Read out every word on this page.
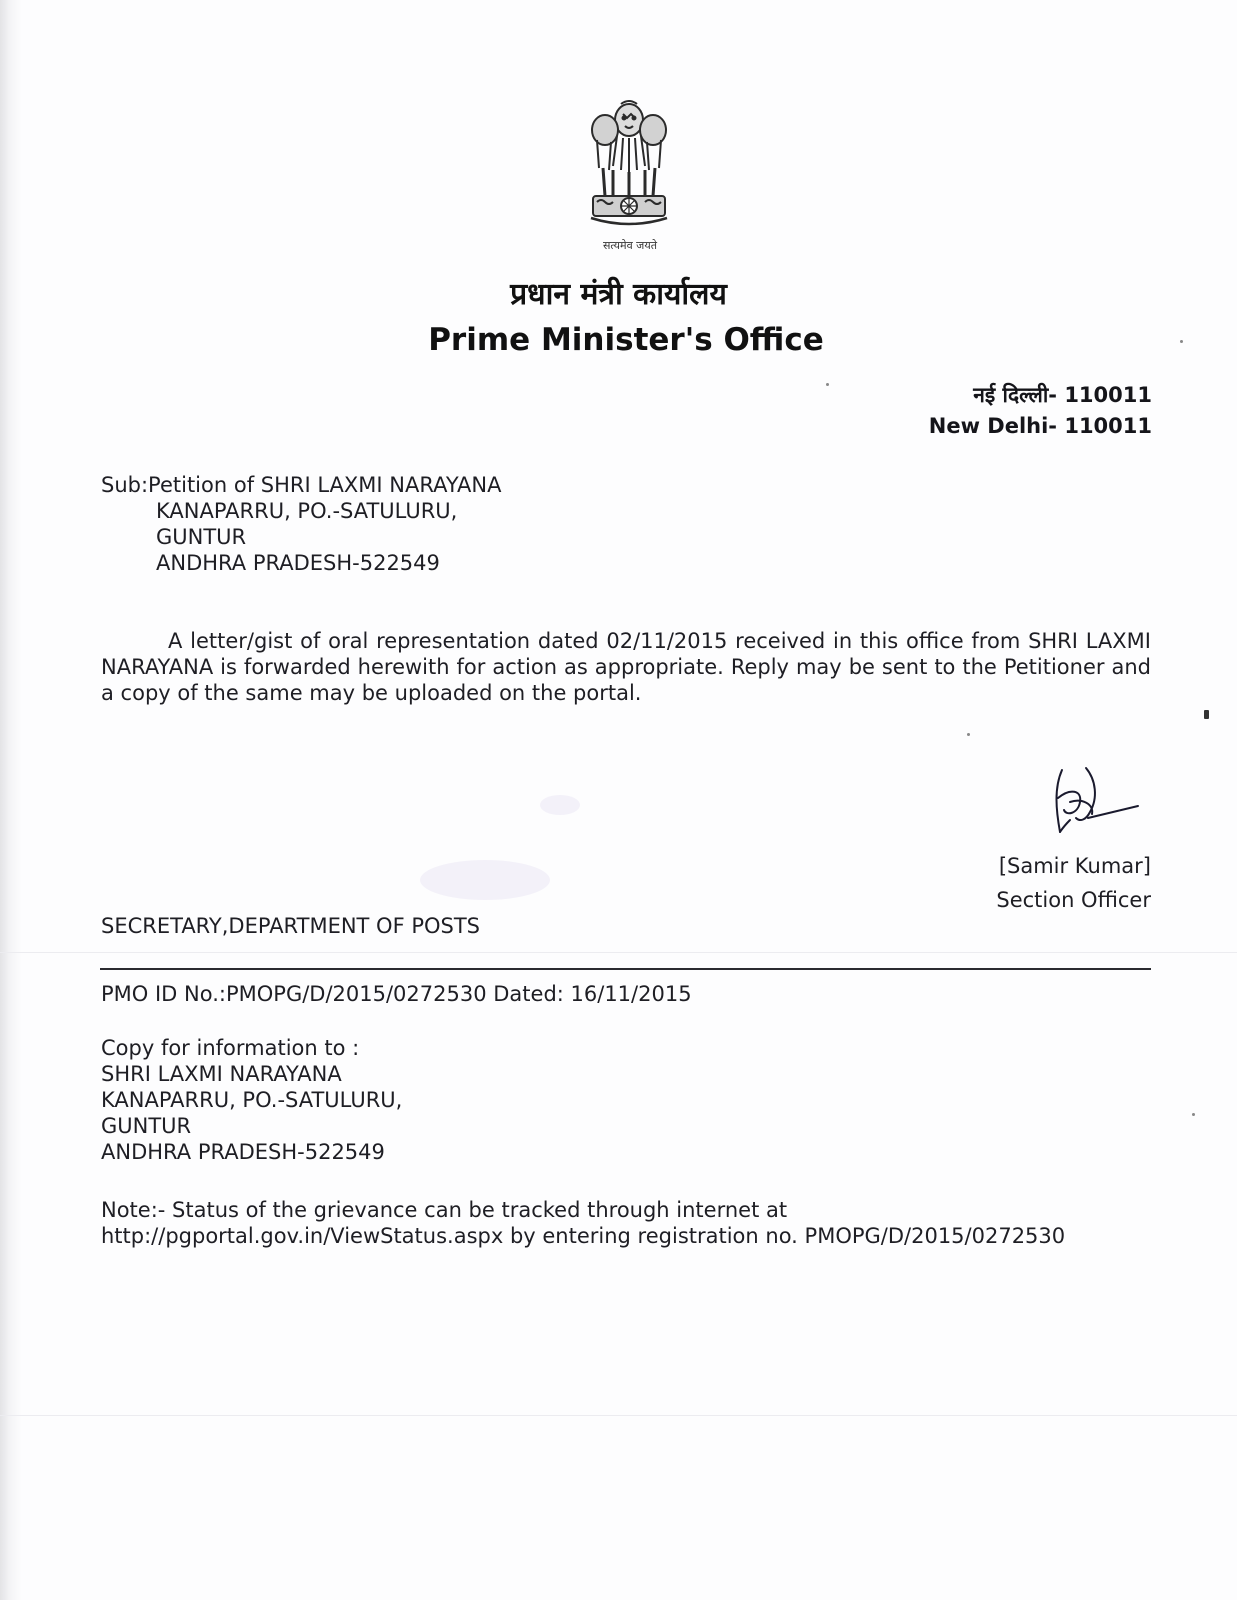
सत्यमेव जयते
प्रधान मंत्री कार्यालय
Prime Minister's Office
नई दिल्ली- 110011
New Delhi- 110011
Sub:Petition of SHRI LAXMI NARAYANA
KANAPARRU, PO.-SATULURU,
GUNTUR
ANDHRA PRADESH-522549
A letter/gist of oral representation dated 02/11/2015 received in this office from SHRI LAXMI NARAYANA is forwarded herewith for action as appropriate. Reply may be sent to the Petitioner and a copy of the same may be uploaded on the portal.
[Samir Kumar]
Section Officer
SECRETARY,DEPARTMENT OF POSTS
PMO ID No.:PMOPG/D/2015/0272530 Dated: 16/11/2015
Copy for information to :
SHRI LAXMI NARAYANA
KANAPARRU, PO.-SATULURU,
GUNTUR
ANDHRA PRADESH-522549
Note:- Status of the grievance can be tracked through internet at
http://pgportal.gov.in/ViewStatus.aspx by entering registration no. PMOPG/D/2015/0272530
